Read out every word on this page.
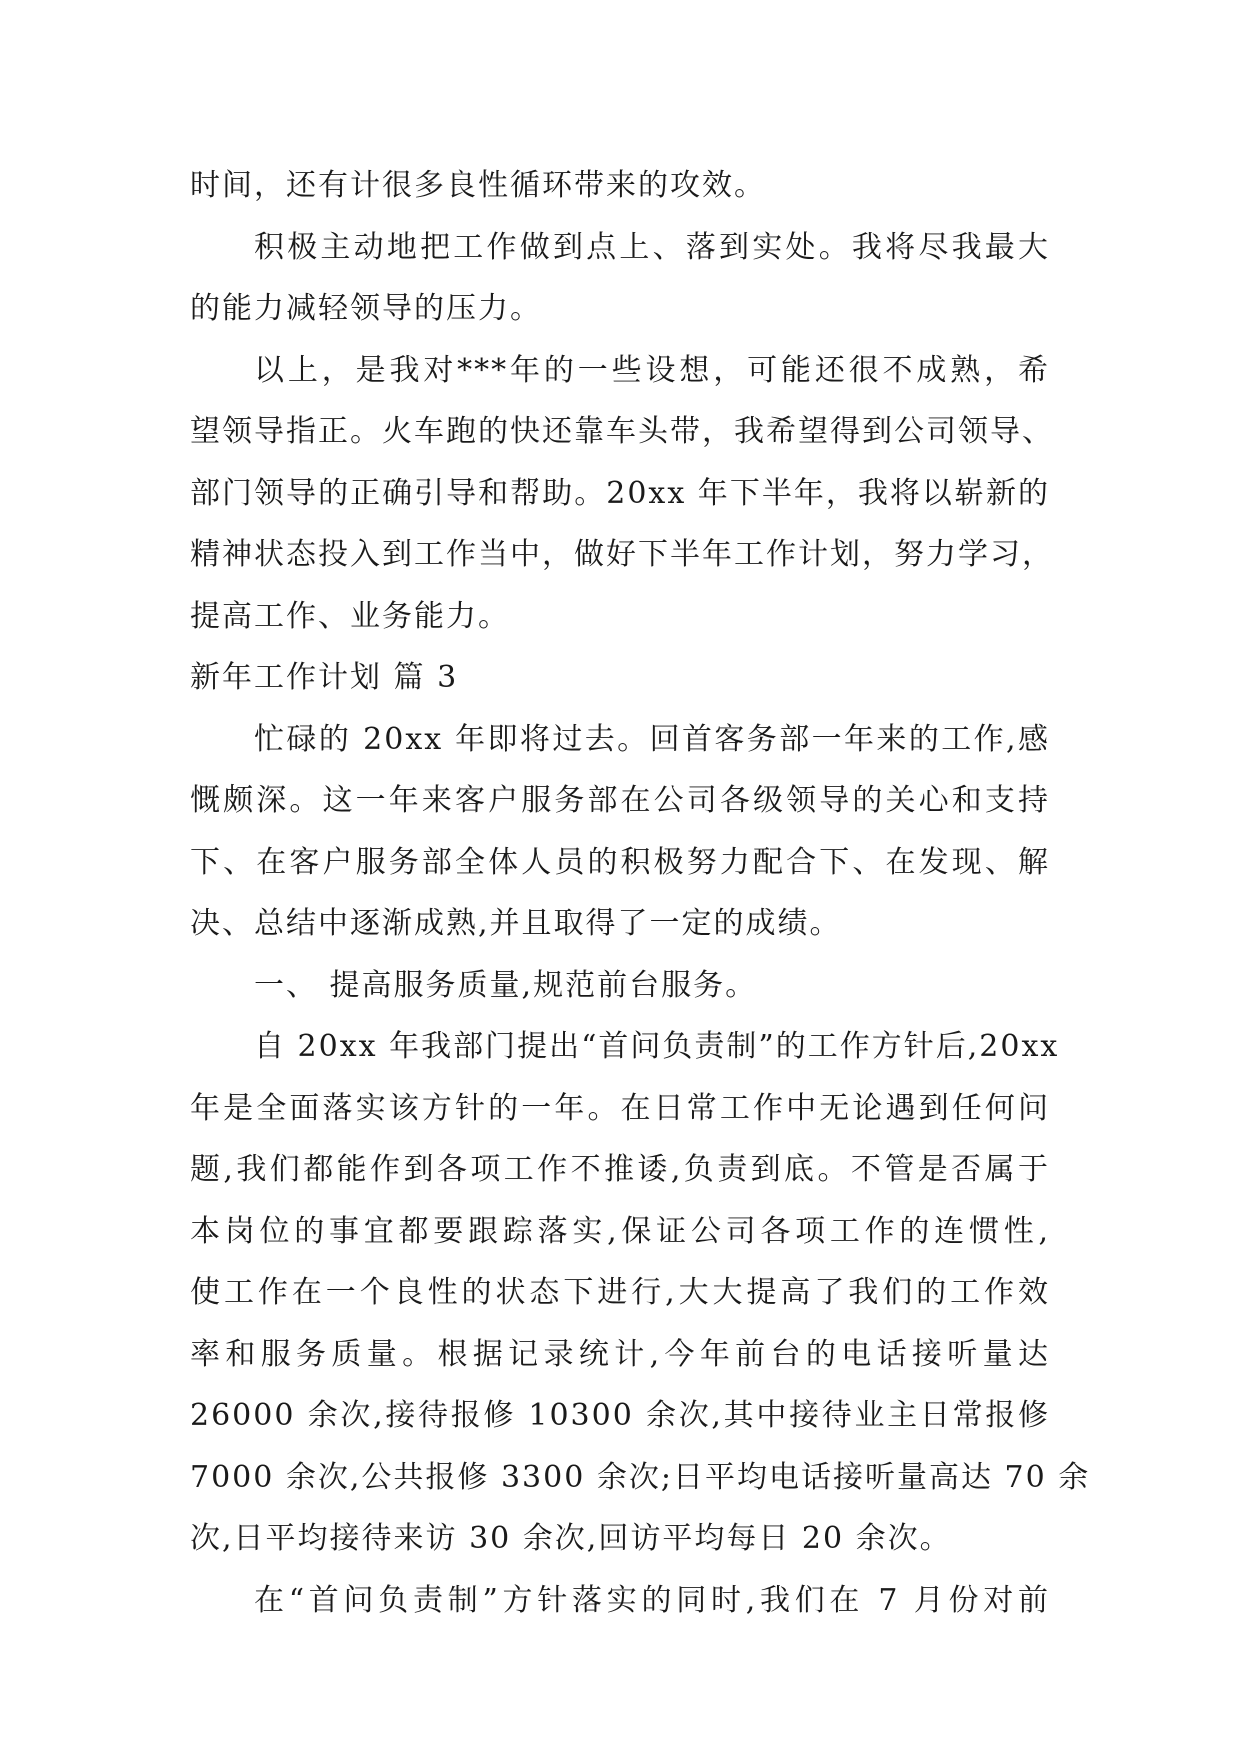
时间，还有计很多良性循环带来的攻效。

积极主动地把工作做到点上、落到实处。我将尽我最大
的能力减轻领导的压力。

以上，是我对***年的一些设想，可能还很不成熟，希
望领导指正。火车跑的快还靠车头带，我希望得到公司领导、
部门领导的正确引导和帮助。20xx 年下半年，我将以崭新的
精神状态投入到工作当中，做好下半年工作计划，努力学习，
提高工作、业务能力。

新年工作计划 篇 3

忙碌的 20xx 年即将过去。回首客务部一年来的工作,感
慨颇深。这一年来客户服务部在公司各级领导的关心和支持
下、在客户服务部全体人员的积极努力配合下、在发现、解
决、总结中逐渐成熟,并且取得了一定的成绩。

一、 提高服务质量,规范前台服务。

自 20xx 年我部门提出“首问负责制”的工作方针后,20xx
年是全面落实该方针的一年。在日常工作中无论遇到任何问
题,我们都能作到各项工作不推诿,负责到底。不管是否属于
本岗位的事宜都要跟踪落实,保证公司各项工作的连惯性,
使工作在一个良性的状态下进行,大大提高了我们的工作效
率和服务质量。根据记录统计,今年前台的电话接听量达
26000 余次,接待报修 10300 余次,其中接待业主日常报修
7000 余次,公共报修 3300 余次;日平均电话接听量高达 70 余
次,日平均接待来访 30 余次,回访平均每日 20 余次。

在“首问负责制”方针落实的同时,我们在 7 月份对前
